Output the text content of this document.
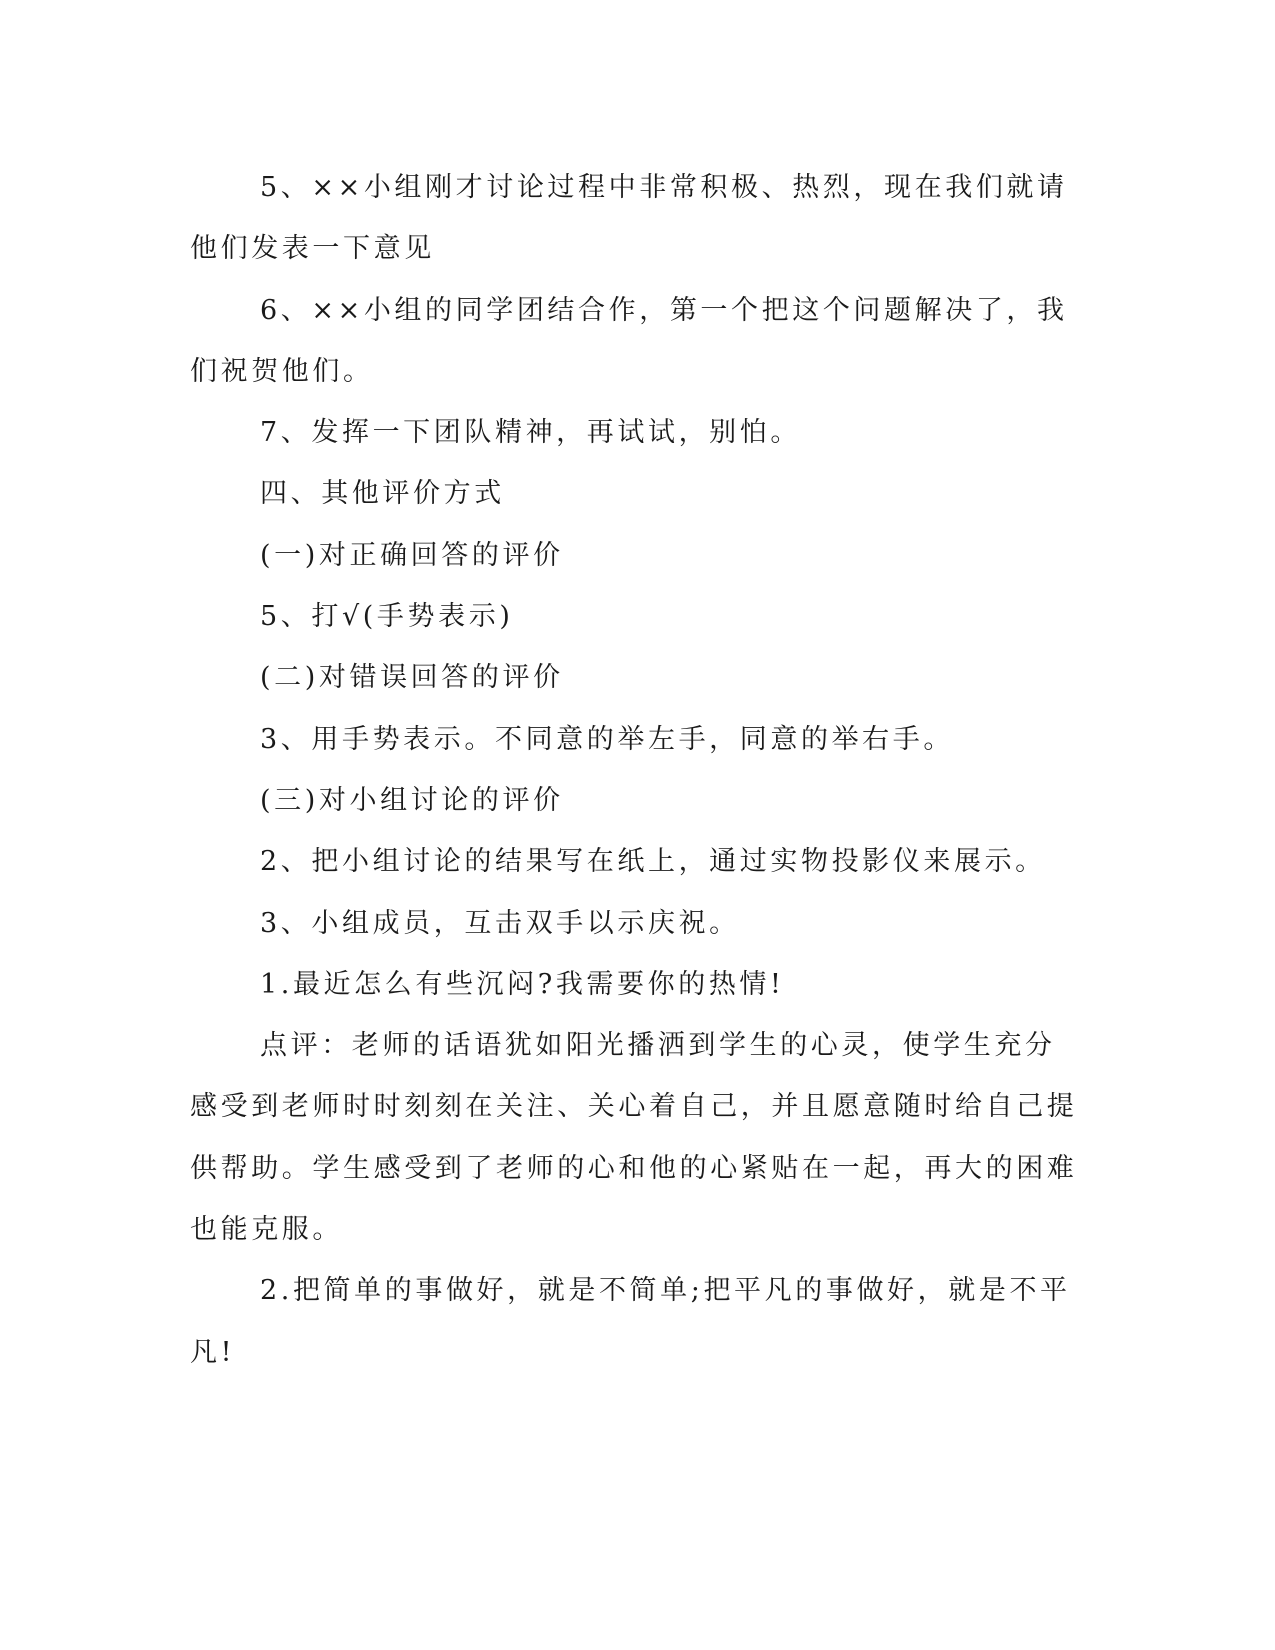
5、××小组刚才讨论过程中非常积极、热烈，现在我们就请他们发表一下意见

6、××小组的同学团结合作，第一个把这个问题解决了，我们祝贺他们。

7、发挥一下团队精神，再试试，别怕。

四、其他评价方式

(一)对正确回答的评价

5、打√(手势表示)

(二)对错误回答的评价

3、用手势表示。不同意的举左手，同意的举右手。

(三)对小组讨论的评价

2、把小组讨论的结果写在纸上，通过实物投影仪来展示。

3、小组成员，互击双手以示庆祝。

1.最近怎么有些沉闷?我需要你的热情!

点评：老师的话语犹如阳光播洒到学生的心灵，使学生充分感受到老师时时刻刻在关注、关心着自己，并且愿意随时给自己提供帮助。学生感受到了老师的心和他的心紧贴在一起，再大的困难也能克服。

2.把简单的事做好，就是不简单;把平凡的事做好，就是不平凡!
